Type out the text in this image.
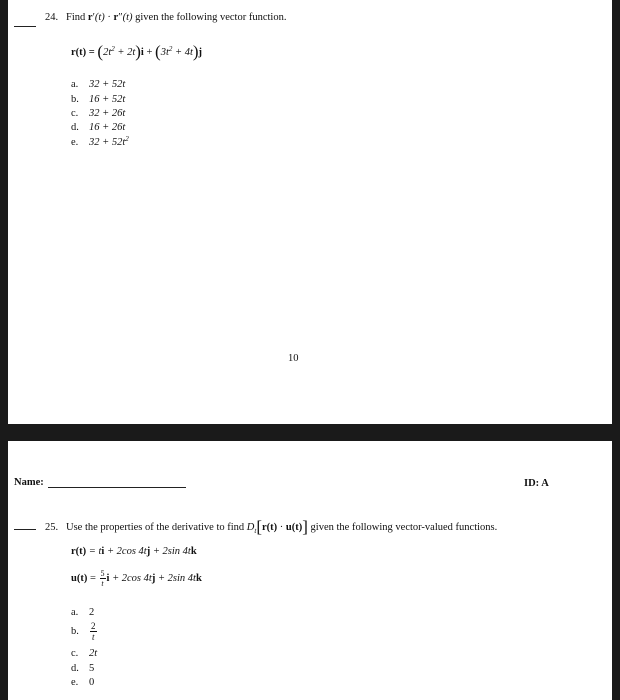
24. Find r′(t) · r″(t) given the following vector function.
$r(t) = (2t^2 + 2t)i + (3t^2 + 4t)j$
a. 32 + 52t
b. 16 + 52t
c. 32 + 26t
d. 16 + 26t
e. $32 + 52t^2$
10
Name:	ID: A
25. Use the properties of the derivative to find $D_t[r(t) \cdot u(t)]$ given the following vector-valued functions.
r(t) = ti + 2cos 4tj + 2sin 4tk
$u(t) = \frac{5}{t}$ i + 2cos 4tj + 2sin 4tk
a. 2
b. $\frac{2}{t}$
c. 2t
d. 5
e. 0
